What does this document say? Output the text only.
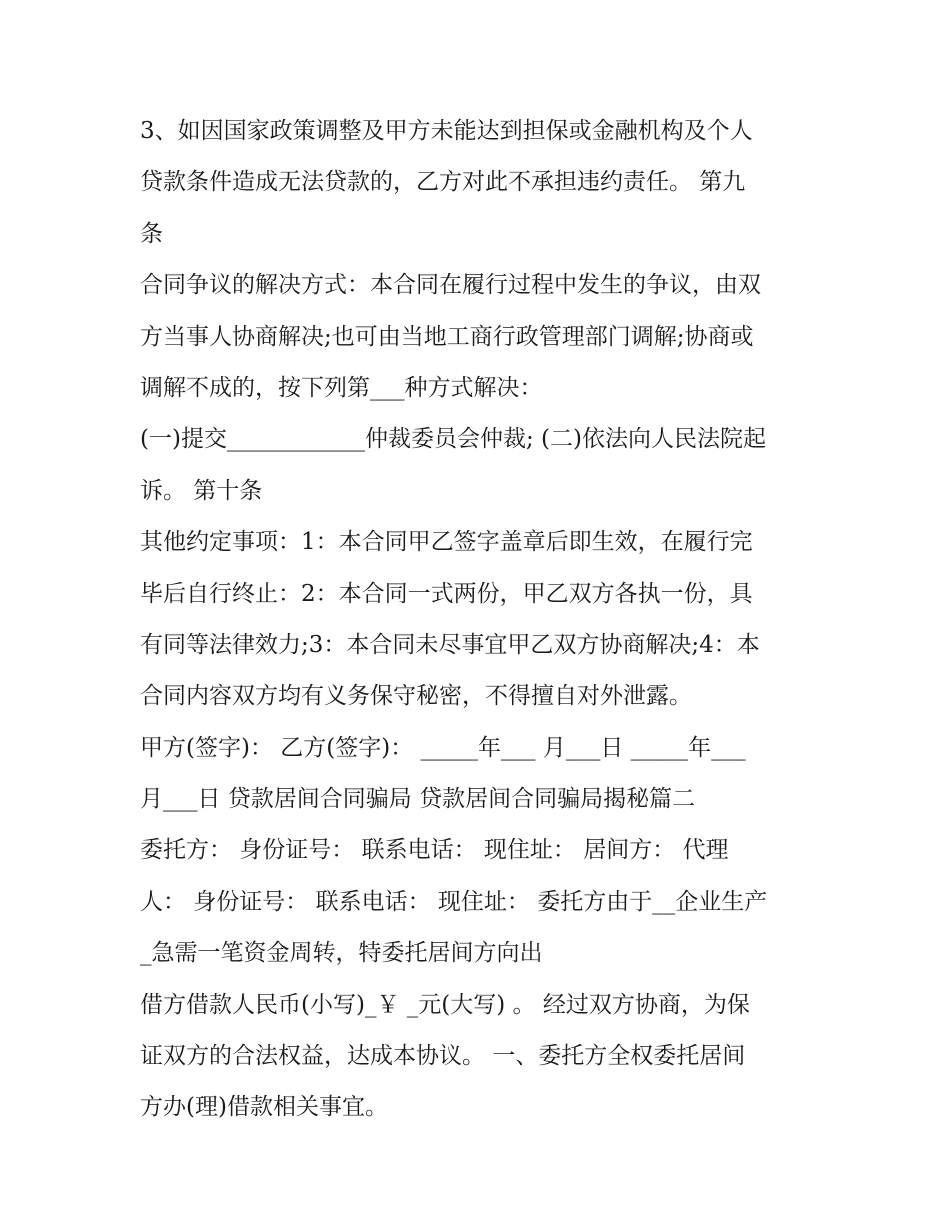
3、如因国家政策调整及甲方未能达到担保或金融机构及个人
贷款条件造成无法贷款的，乙方对此不承担违约责任。 第九
条
合同争议的解决方式：本合同在履行过程中发生的争议，由双
方当事人协商解决;也可由当地工商行政管理部门调解;协商或
调解不成的，按下列第___种方式解决：
(一)提交____________仲裁委员会仲裁; (二)依法向人民法院起
诉。 第十条
其他约定事项：1：本合同甲乙签字盖章后即生效，在履行完
毕后自行终止：2：本合同一式两份，甲乙双方各执一份，具
有同等法律效力;3：本合同未尽事宜甲乙双方协商解决;4：本
合同内容双方均有义务保守秘密，不得擅自对外泄露。
甲方(签字)： 乙方(签字)： _____年___ 月___日 _____年___
月___日 贷款居间合同骗局 贷款居间合同骗局揭秘篇二
委托方： 身份证号： 联系电话： 现住址： 居间方： 代理
人： 身份证号： 联系电话： 现住址： 委托方由于__企业生产
_急需一笔资金周转，特委托居间方向出
借方借款人民币(小写)_￥ _元(大写) 。 经过双方协商，为保
证双方的合法权益，达成本协议。 一、委托方全权委托居间
方办(理)借款相关事宜。
